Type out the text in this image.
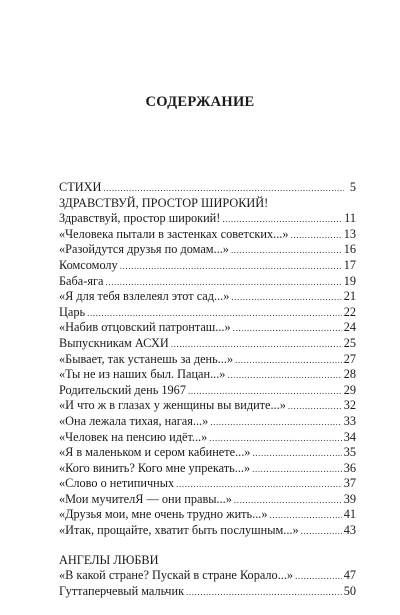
СОДЕРЖАНИЕ
СТИХИ .....	5
ЗДРАВСТВУЙ, ПРОСТОР ШИРОКИЙ!
Здравствуй, простор широкий! .....	11
«Человека пытали в застенках советских...» .....	13
«Разойдутся друзья по домам...» .....	16
Комсомолу .....	17
Баба-яга .....	19
«Я для тебя взлелеял этот сад...» .....	21
Царь .....	22
«Набив отцовский патронташ...» .....	24
Выпускникам АСХИ .....	25
«Бывает, так устанешь за день...» .....	27
«Ты не из наших был. Пацан...» .....	28
Родительский день 1967 .....	29
«И что ж в глазах у женщины вы видите...» .....	32
«Она лежала тихая, нагая...» .....	33
«Человек на пенсию идёт...» .....	34
«Я в маленьком и сером кабинете...» .....	35
«Кого винить? Кого мне упрекать...» .....	36
«Слово о нетипичных .....	37
«Мои мучителЯ — они правы...» .....	39
«Друзья мои, мне очень трудно жить...» .....	41
«Итак, прощайте, хватит быть послушным...» .....	43
АНГЕЛЫ ЛЮБВИ
«В какой стране? Пускай в стране Корало...» .....	47
Гуттаперчевый мальчик .....	50
